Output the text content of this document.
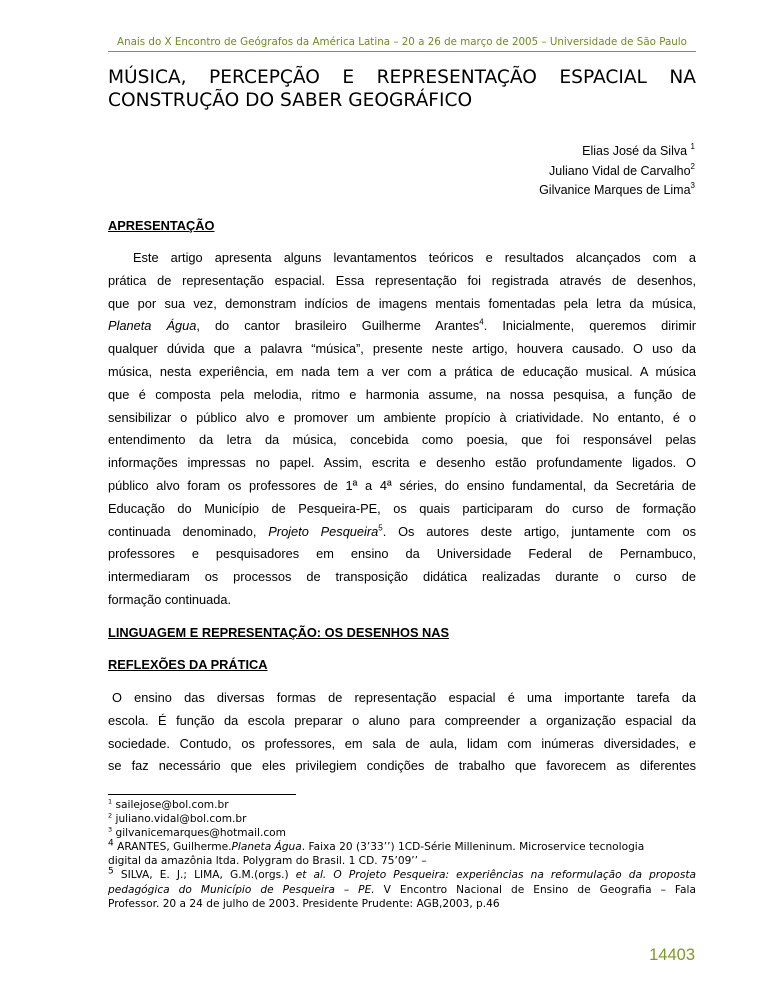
Anais do X Encontro de Geógrafos da América Latina – 20 a 26 de março de 2005 – Universidade de São Paulo
MÚSICA, PERCEPÇÃO E REPRESENTAÇÃO ESPACIAL NA
CONSTRUÇÃO DO SABER GEOGRÁFICO
Elias José da Silva $^1$
Juliano Vidal de Carvalho$^2$
Gilvanice Marques de Lima$^3$
APRESENTAÇÃO
Este artigo apresenta alguns levantamentos teóricos e resultados alcançados com a
prática de representação espacial. Essa representação foi registrada através de desenhos,
que por sua vez, demonstram indícios de imagens mentais fomentadas pela letra da música,
Planeta Água, do cantor brasileiro Guilherme Arantes$^4$. Inicialmente, queremos dirimir
qualquer dúvida que a palavra “música”, presente neste artigo, houvera causado. O uso da
música, nesta experiência, em nada tem a ver com a prática de educação musical. A música
que é composta pela melodia, ritmo e harmonia assume, na nossa pesquisa, a função de
sensibilizar o público alvo e promover um ambiente propício à criatividade. No entanto, é o
entendimento da letra da música, concebida como poesia, que foi responsável pelas
informações impressas no papel. Assim, escrita e desenho estão profundamente ligados. O
público alvo foram os professores de 1ª a 4ª séries, do ensino fundamental, da Secretária de
Educação do Município de Pesqueira-PE, os quais participaram do curso de formação
continuada denominado, Projeto Pesqueira$^5$. Os autores deste artigo, juntamente com os
professores e pesquisadores em ensino da Universidade Federal de Pernambuco,
intermediaram os processos de transposição didática realizadas durante o curso de
formação continuada.
LINGUAGEM E REPRESENTAÇÃO: OS DESENHOS NAS
REFLEXÕES DA PRÁTICA
O ensino das diversas formas de representação espacial é uma importante tarefa da
escola. É função da escola preparar o aluno para compreender a organização espacial da
sociedade. Contudo, os professores, em sala de aula, lidam com inúmeras diversidades, e
se faz necessário que eles privilegiem condições de trabalho que favorecem as diferentes
$^1$ sailejose@bol.com.br
$^2$ juliano.vidal@bol.com.br
$^3$ gilvanicemarques@hotmail.com
$^4$ ARANTES, Guilherme.Planeta Água. Faixa 20 (3’33’’) 1CD-Série Milleninum. Microservice tecnologia
digital da amazônia ltda. Polygram do Brasil. 1 CD. 75’09’’ –
$^5$ SILVA, E. J.; LIMA, G.M.(orgs.) et al. O Projeto Pesqueira: experiências na reformulação da proposta
pedagógica do Município de Pesqueira – PE. V Encontro Nacional de Ensino de Geografia – Fala
Professor. 20 a 24 de julho de 2003. Presidente Prudente: AGB,2003, p.46
14403
